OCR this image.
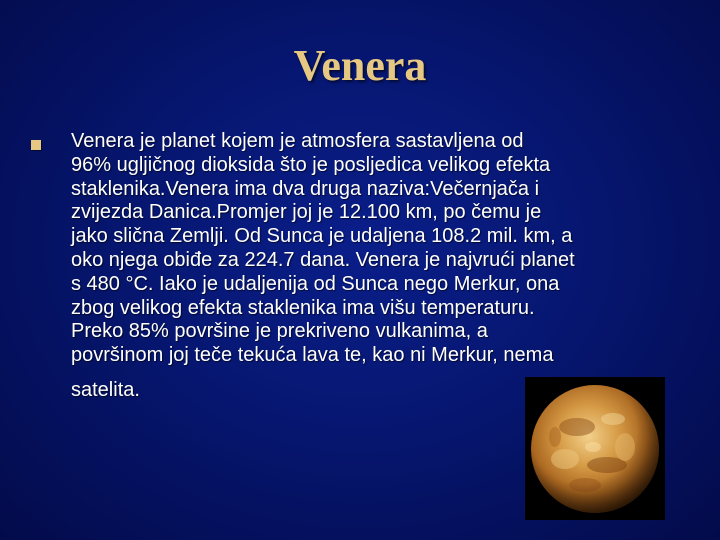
Venera
Venera je planet kojem je atmosfera sastavljena od
96% ugljičnog dioksida što je posljedica velikog efekta
staklenika.Venera ima dva druga naziva:Večernjača i
zvijezda Danica.Promjer joj je 12.100 km, po čemu je
jako slična Zemlji. Od Sunca je udaljena 108.2 mil. km, a
oko njega obiđe za 224.7 dana. Venera je najvrući planet
s 480 °C. Iako je udaljenija od Sunca nego Merkur, ona
zbog velikog efekta staklenika ima višu temperaturu.
Preko 85% površine je prekriveno vulkanima, a
površinom joj teče tekuća lava te, kao ni Merkur, nema
satelita.
